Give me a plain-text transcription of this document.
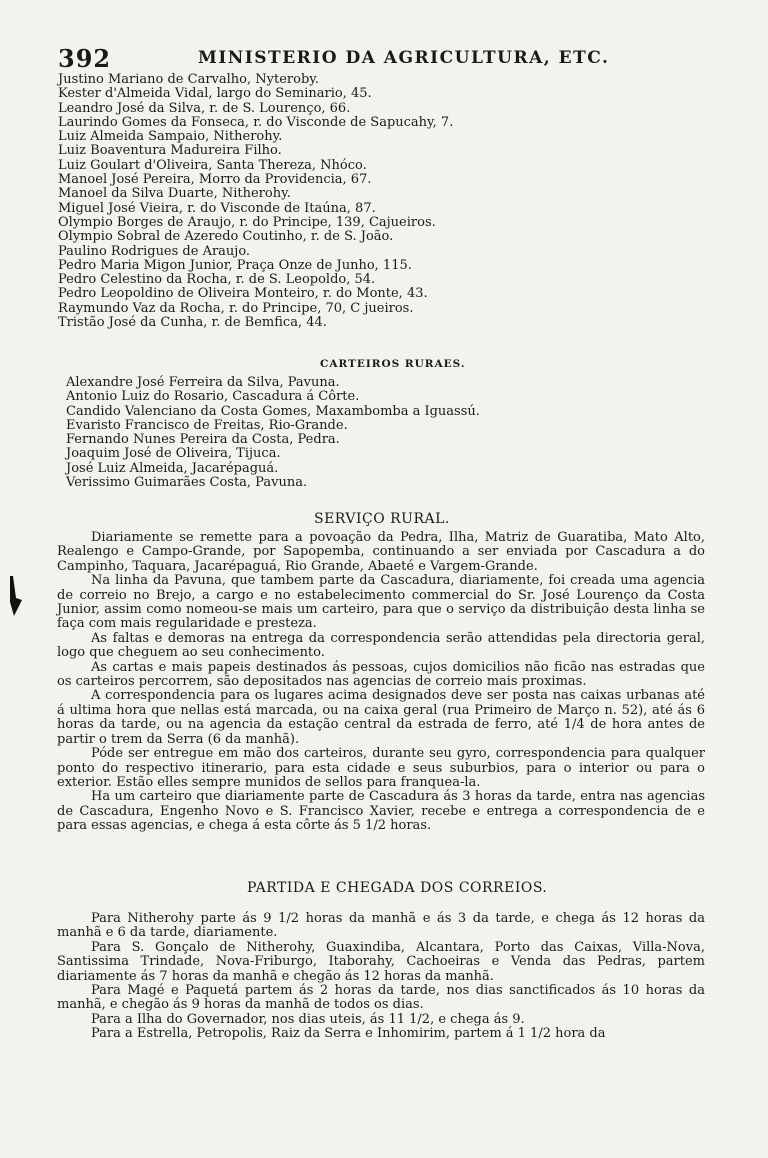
392	MINISTERIO DA AGRICULTURA, ETC.
Justino Mariano de Carvalho, Nyteroby.
Kester d'Almeida Vidal, largo do Seminario, 45.
Leandro José da Silva, r. de S. Lourenço, 66.
Laurindo Gomes da Fonseca, r. do Visconde de Sapucahy, 7.
Luiz Almeida Sampaio, Nitherohy.
Luiz Boaventura Madureira Filho.
Luiz Goulart d'Oliveira, Santa Thereza, Nhóco.
Manoel José Pereira, Morro da Providencia, 67.
Manoel da Silva Duarte, Nitherohy.
Miguel José Vieira, r. do Visconde de Itaúna, 87.
Olympio Borges de Araujo, r. do Principe, 139, Cajueiros.
Olympio Sobral de Azeredo Coutinho, r. de S. João.
Paulino Rodrigues de Araujo.
Pedro Maria Migon Junior, Praça Onze de Junho, 115.
Pedro Celestino da Rocha, r. de S. Leopoldo, 54.
Pedro Leopoldino de Oliveira Monteiro, r. do Monte, 43.
Raymundo Vaz da Rocha, r. do Principe, 70, C jueiros.
Tristão José da Cunha, r. de Bemfica, 44.
CARTEIROS RURAES.
Alexandre José Ferreira da Silva, Pavuna.
Antonio Luiz do Rosario, Cascadura á Côrte.
Candido Valenciano da Costa Gomes, Maxambomba a Iguassú.
Evaristo Francisco de Freitas, Rio-Grande.
Fernando Nunes Pereira da Costa, Pedra.
Joaquim José de Oliveira, Tijuca.
José Luiz Almeida, Jacarépaguá.
Verissimo Guimarães Costa, Pavuna.
SERVIÇO RURAL.

Diariamente se remette para a povoação da Pedra, Ilha, Matriz de Guaratiba, Mato Alto, Realengo e Campo-Grande, por Sapopemba, continuando a ser enviada por Cascadura a do Campinho, Taquara, Jacarépaguá, Rio Grande, Abaeté e Vargem-Grande.

Na linha da Pavuna, que tambem parte da Cascadura, diariamente, foi creada uma agencia de correio no Brejo, a cargo e no estabelecimento commercial do Sr. José Lourenço da Costa Junior, assim como nomeou-se mais um carteiro, para que o serviço da distribuição desta linha se faça com mais regularidade e presteza.

As faltas e demoras na entrega da correspondencia serão attendidas pela directoria geral, logo que cheguem ao seu conhecimento.

As cartas e mais papeis destinados ás pessoas, cujos domicilios não ficão nas estradas que os carteiros percorrem, são depositados nas agencias de correio mais proximas.

A correspondencia para os lugares acima designados deve ser posta nas caixas urbanas até á ultima hora que nellas está marcada, ou na caixa geral (rua Primeiro de Março n. 52), até ás 6 horas da tarde, ou na agencia da estação central da estrada de ferro, até 1/4 de hora antes de partir o trem da Serra (6 da manhã).

Póde ser entregue em mão dos carteiros, durante seu gyro, correspondencia para qualquer ponto do respectivo itinerario, para esta cidade e seus suburbios, para o interior ou para o exterior. Estão elles sempre munidos de sellos para franquea-la.

Ha um carteiro que diariamente parte de Cascadura ás 3 horas da tarde, entra nas agencias de Cascadura, Engenho Novo e S. Francisco Xavier, recebe e entrega a correspondencia de e para essas agencias, e chega á esta côrte ás 5 1/2 horas.

PARTIDA E CHEGADA DOS CORREIOS.

Para Nitherohy parte ás 9 1/2 horas da manhã e ás 3 da tarde, e chega ás 12 horas da manhã e 6 da tarde, diariamente.

Para S. Gonçalo de Nitherohy, Guaxindiba, Alcantara, Porto das Caixas, Villa-Nova, Santissima Trindade, Nova-Friburgo, Itaborahy, Cachoeiras e Venda das Pedras, partem diariamente ás 7 horas da manhã e chegão ás 12 horas da manhã.

Para Magé e Paquetá partem ás 2 horas da tarde, nos dias sanctificados ás 10 horas da manhã, e chegão ás 9 horas da manhã de todos os dias.

Para a Ilha do Governador, nos dias uteis, ás 11 1/2, e chega ás 9.

Para a Estrella, Petropolis, Raiz da Serra e Inhomirim, partem á 1 1/2 hora da
